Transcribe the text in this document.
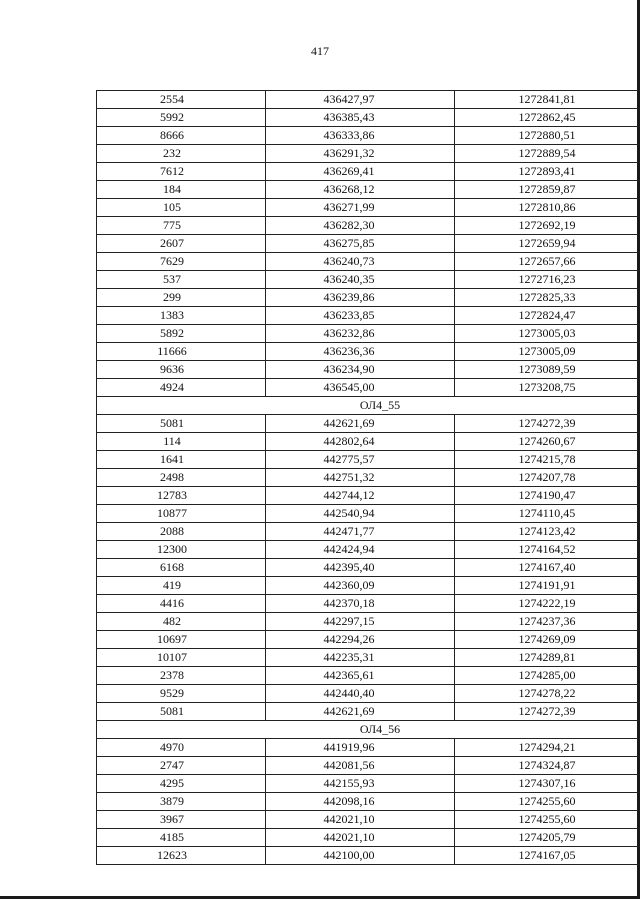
417
2554	436427,97	1272841,81
5992	436385,43	1272862,45
8666	436333,86	1272880,51
232	436291,32	1272889,54
7612	436269,41	1272893,41
184	436268,12	1272859,87
105	436271,99	1272810,86
775	436282,30	1272692,19
2607	436275,85	1272659,94
7629	436240,73	1272657,66
537	436240,35	1272716,23
299	436239,86	1272825,33
1383	436233,85	1272824,47
5892	436232,86	1273005,03
11666	436236,36	1273005,09
9636	436234,90	1273089,59
4924	436545,00	1273208,75
ОЛ4_55		
5081	442621,69	1274272,39
114	442802,64	1274260,67
1641	442775,57	1274215,78
2498	442751,32	1274207,78
12783	442744,12	1274190,47
10877	442540,94	1274110,45
2088	442471,77	1274123,42
12300	442424,94	1274164,52
6168	442395,40	1274167,40
419	442360,09	1274191,91
4416	442370,18	1274222,19
482	442297,15	1274237,36
10697	442294,26	1274269,09
10107	442235,31	1274289,81
2378	442365,61	1274285,00
9529	442440,40	1274278,22
5081	442621,69	1274272,39
ОЛ4_56		
4970	441919,96	1274294,21
2747	442081,56	1274324,87
4295	442155,93	1274307,16
3879	442098,16	1274255,60
3967	442021,10	1274255,60
4185	442021,10	1274205,79
12623	442100,00	1274167,05
